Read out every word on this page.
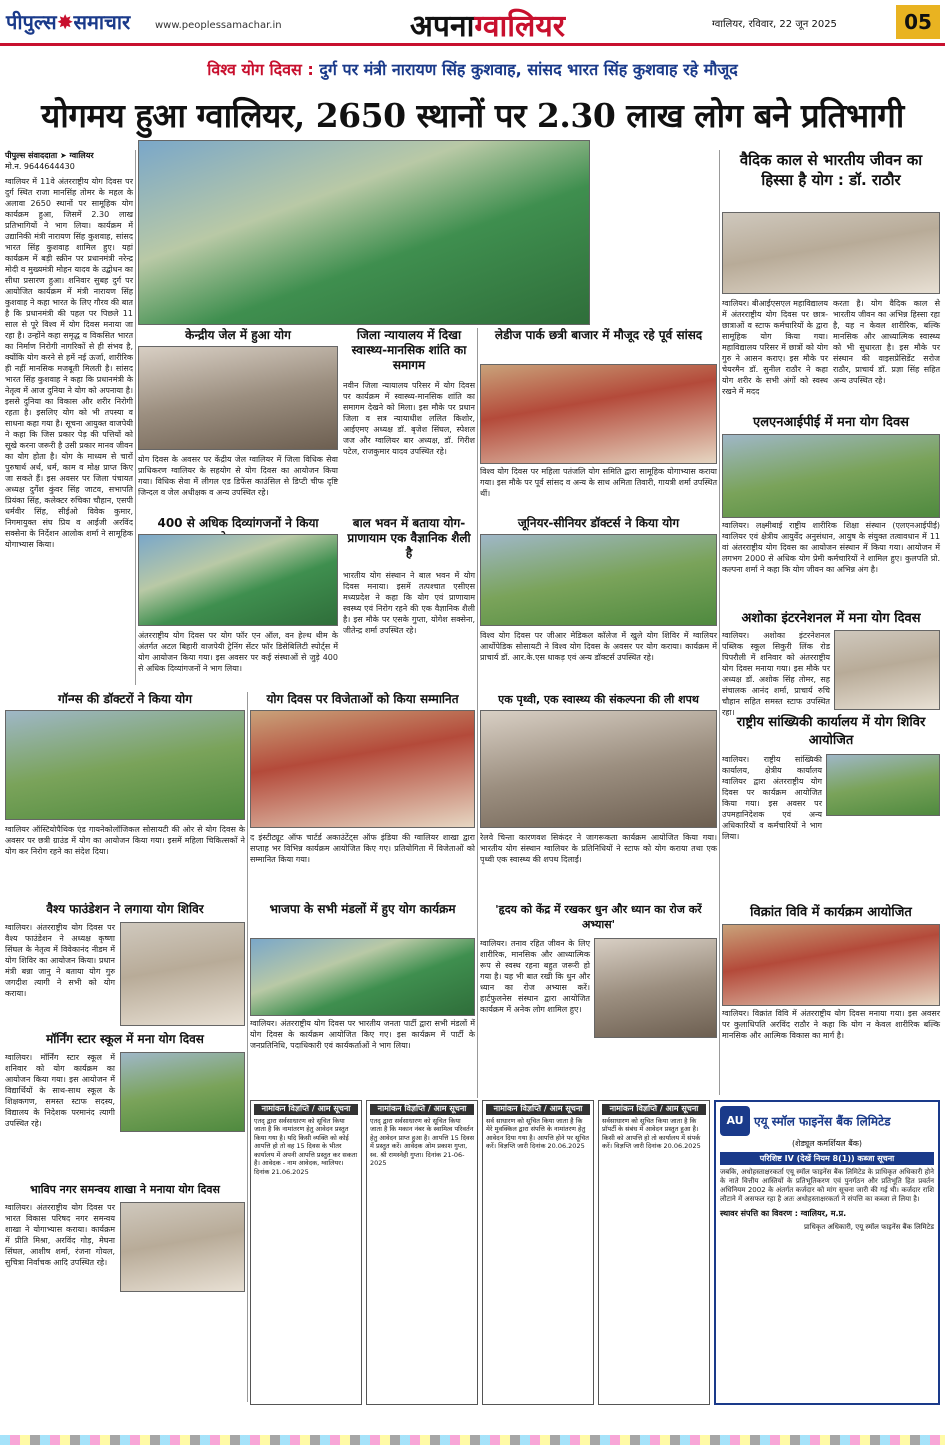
पीपुल्स✸समाचार www.peoplessamachar.in	अपनाग्वालियर	ग्वालियर, रविवार, 22 जून 2025	05
विश्व योग दिवस : दुर्ग पर मंत्री नारायण सिंह कुशवाह, सांसद भारत सिंह कुशवाह रहे मौजूद
योगमय हुआ ग्वालियर, 2650 स्थानों पर 2.30 लाख लोग बने प्रतिभागी
पीपुल्स संवाददाता ➤ ग्वालियर
मो.न. 9644644430
ग्वालियर में 11वे अंतरराष्ट्रीय योग दिवस पर दुर्ग स्थित राजा मानसिंह तोमर के महल के अलावा 2650 स्थानों पर सामूहिक योग कार्यक्रम हुआ, जिसमें 2.30 लाख प्रतिभागियों ने भाग लिया। कार्यक्रम में उद्यानिकी मंत्री नारायण सिंह कुशवाह, सांसद भारत सिंह कुशवाह शामिल हुए। यहां कार्यक्रम में बड़ी स्क्रीन पर प्रधानमंत्री नरेन्द्र मोदी व मुख्यमंत्री मोहन यादव के उद्बोधन का सीधा प्रसारण हुआ। शनिवार सुबह दुर्ग पर आयोजित कार्यक्रम में मंत्री नारायण सिंह कुशवाह ने कहा भारत के लिए गौरव की बात है कि प्रधानमंत्री की पहल पर पिछले 11 साल से पूरे विश्व में योग दिवस मनाया जा रहा है। उन्होंने कहा समृद्ध व विकसित भारत का निर्माण निरोगी नागरिकों से ही संभव है, क्योंकि योग करने से हमें नई ऊर्जा, शारीरिक ही नहीं मानसिक मजबूती मिलती है। सांसद भारत सिंह कुशवाह ने कहा कि प्रधानमंत्री के नेतृत्व में आज दुनिया ने योग को अपनाया है। इससे दुनिया का विकास और शरीर निरोगी रहता है। इसलिए योग को भी तपस्या व साधना कहा गया है। सूचना आयुक्त वाजपेयी ने कहा कि जिस प्रकार पेड़ की पत्तियों को सूखे करना जरूरी है उसी प्रकार मानव जीवन का योग होता है। योग के माध्यम से चारों पुरुषार्थ अर्थ, धर्म, काम व मोक्ष प्राप्त किए जा सकते हैं। इस अवसर पर जिला पंचायत अध्यक्ष दुर्गेश कुंवर सिंह जाटव, सभापति प्रियंका सिंह, कलेक्टर रुचिका चौहान, एसपी धर्मवीर सिंह, सीईओ विवेक कुमार, निगमायुक्त संघ प्रिय व आईजी अरविंद सक्सेना के निर्देशन आलोक शर्मा ने सामूहिक योगाभ्यास किया।
वैदिक काल से भारतीय जीवन का हिस्सा है योग : डॉ. राठौर
ग्वालियर। बीआईएसएल महाविद्यालय में अंतरराष्ट्रीय योग दिवस पर छात्र-छात्राओं व स्टाफ कर्मचारियों के द्वारा सामूहिक योग किया गया। महाविद्यालय परिसर में छात्रों को योग गुरु ने आसन कराए। इस मौके पर चेयरमैन डॉ. सुनील राठौर ने कहा योग शरीर के सभी अंगों को स्वस्थ रखने में मदद
करता है। योग वैदिक काल से भारतीय जीवन का अभिन्न हिस्सा रहा है, यह न केवल शारीरिक, बल्कि मानसिक और आध्यात्मिक स्वास्थ्य को भी सुधारता है। इस मौके पर संस्थान की वाइसप्रेसिडेंट सरोज राठौर, प्राचार्य डॉ. प्रज्ञा सिंह सहित अन्य उपस्थित रहे।
केन्द्रीय जेल में हुआ योग
योग दिवस के अवसर पर केंद्रीय जेल ग्वालियर में जिला विधिक सेवा प्राधिकरण ग्वालियर के सहयोग से योग दिवस का आयोजन किया गया। विधिक सेवा में लीगल एड डिफेंस काउंसिल से डिप्टी चीफ दृष्टि जिन्दल व जेल अधीक्षक व अन्य उपस्थित रहे।
जिला न्यायालय में दिखा स्वास्थ्य-मानसिक शांति का समागम
नवीन जिला न्यायालय परिसर में योग दिवस पर कार्यक्रम में स्वास्थ्य-मानसिक शांति का समागम देखने को मिला। इस मौके पर प्रधान जिला व सत्र न्यायाधीश ललित किशोर, आईएमए अध्यक्ष डॉ. बृजेश सिंघल, स्पेशल जज और ग्वालियर बार अध्यक्ष, डॉ. गिरीश पटेल, राजकुमार यादव उपस्थित रहे।
लेडीज पार्क छत्री बाजार में मौजूद रहे पूर्व सांसद
विश्व योग दिवस पर महिला पतंजलि योग समिति द्वारा सामूहिक योगाभ्यास कराया गया। इस मौके पर पूर्व सांसद व अन्य के साथ अमिता तिवारी, गायत्री शर्मा उपस्थित थीं।
एलएनआईपीई में मना योग दिवस
ग्वालियर। लक्ष्मीबाई राष्ट्रीय शारीरिक शिक्षा संस्थान (एलएनआईपीई) ग्वालियर एवं क्षेत्रीय आयुर्वेद अनुसंधान, आयुष के संयुक्त तत्वावधान में 11 वां अंतरराष्ट्रीय योग दिवस का आयोजन संस्थान में किया गया। आयोजन में लगभग 2000 से अधिक योग प्रेमी कर्मचारियों ने शामिल हुए। कुलपति प्रो. कल्पना शर्मा ने कहा कि योग जीवन का अभिन्न अंग है।
400 से अधिक दिव्यांगजनों ने किया
अंतरराष्ट्रीय योग दिवस पर योग फॉर एन ऑल, वन हेल्थ थीम के अंतर्गत अटल बिहारी वाजपेयी ट्रेनिंग सेंटर फॉर डिसेबिलिटी स्पोर्ट्स में योग आयोजन किया गया। इस अवसर पर कई संस्थाओं से जुड़े 400 से अधिक दिव्यांगजनों ने भाग लिया।
बाल भवन में बताया योग-प्राणायाम एक वैज्ञानिक शैली है
भारतीय योग संस्थान ने बाल भवन में योग दिवस मनाया। इसमें तत्पश्चात एसीएस मध्यप्रदेश ने कहा कि योग एवं प्राणायाम स्वस्थ्य एवं निरोग रहने की एक वैज्ञानिक शैली है। इस मौके पर एसके गुप्ता, योगेश सक्सेना, जीतेन्द्र शर्मा उपस्थित रहे।
जूनियर-सीनियर डॉक्टर्स ने किया योग
विश्व योग दिवस पर जीआर मेडिकल कॉलेज में खुले योग शिविर में ग्वालियर आर्थोपेडिक सोसायटी ने विश्व योग दिवस के अवसर पर योग कराया। कार्यक्रम में प्राचार्य डॉ. आर.के.एस धाकड़ एवं अन्य डॉक्टर्स उपस्थित रहे।
अशोका इंटरनेशनल में मना योग दिवस
ग्वालियर। अशोका इंटरनेशनल पब्लिक स्कूल सिकुरी लिंक रोड पिपरौली में शनिवार को अंतरराष्ट्रीय योग दिवस मनाया गया। इस मौके पर अध्यक्ष डॉ. अशोक सिंह तोमर, सह संचालक आनंद शर्मा, प्राचार्य रुचि चौहान सहित समस्त स्टाफ उपस्थित रहा।
गॉन्ग्स की डॉक्टरों ने किया योग
ग्वालियर ऑस्टियोपैथिक एंड गायनेकोलॉजिकल सोसायटी की ओर से योग दिवस के अवसर पर छत्री ग्राउंड में योग का आयोजन किया गया। इसमें महिला चिकित्सकों ने योग कर निरोग रहने का संदेश दिया।
योग दिवस पर विजेताओं को किया सम्मानित
द इंस्टीट्यूट ऑफ चार्टर्ड अकाउंटेंट्स ऑफ इंडिया की ग्वालियर शाखा द्वारा सप्ताह भर विभिन्न कार्यक्रम आयोजित किए गए। प्रतियोगिता में विजेताओं को सम्मानित किया गया।
एक पृथ्वी, एक स्वास्थ्य की संकल्पना की ली शपथ
रेलवे चिन्ता कारणवश सिकंदर ने जागरूकता कार्यक्रम आयोजित किया गया। भारतीय योग संस्थान ग्वालियर के प्रतिनिधियों ने स्टाफ को योग कराया तथा एक पृथ्वी एक स्वास्थ्य की शपथ दिलाई।
राष्ट्रीय सांख्यिकी कार्यालय में योग शिविर आयोजित
ग्वालियर। राष्ट्रीय सांख्यिकी कार्यालय, क्षेत्रीय कार्यालय ग्वालियर द्वारा अंतरराष्ट्रीय योग दिवस पर कार्यक्रम आयोजित किया गया। इस अवसर पर उपमहानिदेशक एवं अन्य अधिकारियों व कर्मचारियों ने भाग लिया।
वैश्य फाउंडेशन ने लगाया योग शिविर
ग्वालियर। अंतरराष्ट्रीय योग दिवस पर वैश्य फाउंडेशन ने अध्यक्ष कृष्णा सिंघल के नेतृत्व में विवेकानंद नीडम में योग शिविर का आयोजन किया। प्रधान मंत्री बन्ना जानु ने बताया योग गुरु जगदीश त्यागी ने सभी को योग कराया।
भाजपा के सभी मंडलों में हुए योग कार्यक्रम
ग्वालियर। अंतरराष्ट्रीय योग दिवस पर भारतीय जनता पार्टी द्वारा सभी मंडलों में योग दिवस के कार्यक्रम आयोजित किए गए। इस कार्यक्रम में पार्टी के जनप्रतिनिधि, पदाधिकारी एवं कार्यकर्ताओं ने भाग लिया।
'हृदय को केंद्र में रखकर धुन और ध्यान का रोज करें अभ्यास'
ग्वालियर। तनाव रहित जीवन के लिए शारीरिक, मानसिक और आध्यात्मिक रूप से स्वस्थ रहना बहुत जरूरी हो गया है। यह भी बात रखी कि धुन और ध्यान का रोज अभ्यास करें। हार्टफुलनेस संस्थान द्वारा आयोजित कार्यक्रम में अनेक लोग शामिल हुए।
विक्रांत विवि में कार्यक्रम आयोजित
ग्वालियर। विक्रांत विवि में अंतरराष्ट्रीय योग दिवस मनाया गया। इस अवसर पर कुलाधिपति अरविंद राठौर ने कहा कि योग न केवल शारीरिक बल्कि मानसिक और आत्मिक विकास का मार्ग है।
मॉर्निंग स्टार स्कूल में मना योग दिवस
ग्वालियर। मॉर्निंग स्टार स्कूल में शनिवार को योग कार्यक्रम का आयोजन किया गया। इस आयोजन में विद्यार्थियों के साथ-साथ स्कूल के शिक्षकगण, समस्त स्टाफ सदस्य, विद्यालय के निदेशक परमानंद त्यागी उपस्थित रहे।
भाविप नगर समन्वय शाखा ने मनाया योग दिवस
ग्वालियर। अंतरराष्ट्रीय योग दिवस पर भारत विकास परिषद नगर समन्वय शाखा ने योगाभ्यास कराया। कार्यक्रम में प्रीति मिश्रा, अरविंद गोड़, मेघना सिंघल, आशीष शर्मा, रंजना गोयल, सुचित्रा निर्वाचक आदि उपस्थित रहे।
नामांकन विज्ञप्ति / आम सूचना
एतद् द्वारा सर्वसाधारण को सूचित किया जाता है कि नामांतरण हेतु आवेदन प्रस्तुत किया गया है। यदि किसी व्यक्ति को कोई आपत्ति हो तो वह 15 दिवस के भीतर कार्यालय में अपनी आपत्ति प्रस्तुत कर सकता है। आवेदक - नाम आवेदक, ग्वालियर। दिनांक 21.06.2025
नामांकन विज्ञप्ति / आम सूचना
एतद् द्वारा सर्वसाधारण को सूचित किया जाता है कि मकान नंबर के स्वामित्व परिवर्तन हेतु आवेदन प्राप्त हुआ है। आपत्ति 15 दिवस में प्रस्तुत करें। आवेदक ओम प्रकाश गुप्ता, स्व. श्री रामस्नेही गुप्ता। दिनांक 21-06-2025
नामांकन विज्ञप्ति / आम सूचना
सर्व साधारण को सूचित किया जाता है कि मेरे मुवक्किल द्वारा संपत्ति के नामांतरण हेतु आवेदन दिया गया है। आपत्ति होने पर सूचित करें। विज्ञप्ति जारी दिनांक 20.06.2025
नामांकन विज्ञप्ति / आम सूचना
सर्वसाधारण को सूचित किया जाता है कि प्रॉपर्टी के संबंध में आवेदन प्रस्तुत हुआ है। किसी को आपत्ति हो तो कार्यालय में संपर्क करें। विज्ञप्ति जारी दिनांक 20.06.2025
AU एयू स्मॉल फाइनेंस बैंक लिमिटेड
(शेड्यूल कमर्शियल बैंक)
परिशिष्ट IV (देखें नियम 8(1)) कब्जा सूचना
जबकि, अधोहस्ताक्षरकर्ता एयू स्मॉल फाइनेंस बैंक लिमिटेड के प्राधिकृत अधिकारी होने के नाते वित्तीय आस्तियों के प्रतिभूतिकरण एवं पुनर्गठन और प्रतिभूति हित प्रवर्तन अधिनियम 2002 के अंतर्गत कर्जदार को मांग सूचना जारी की गई थी। कर्जदार राशि लौटाने में असफल रहा है अतः अधोहस्ताक्षरकर्ता ने संपत्ति का कब्जा ले लिया है।
स्थावर संपत्ति का विवरण : ग्वालियर, म.प्र.
प्राधिकृत अधिकारी, एयू स्मॉल फाइनेंस बैंक लिमिटेड
